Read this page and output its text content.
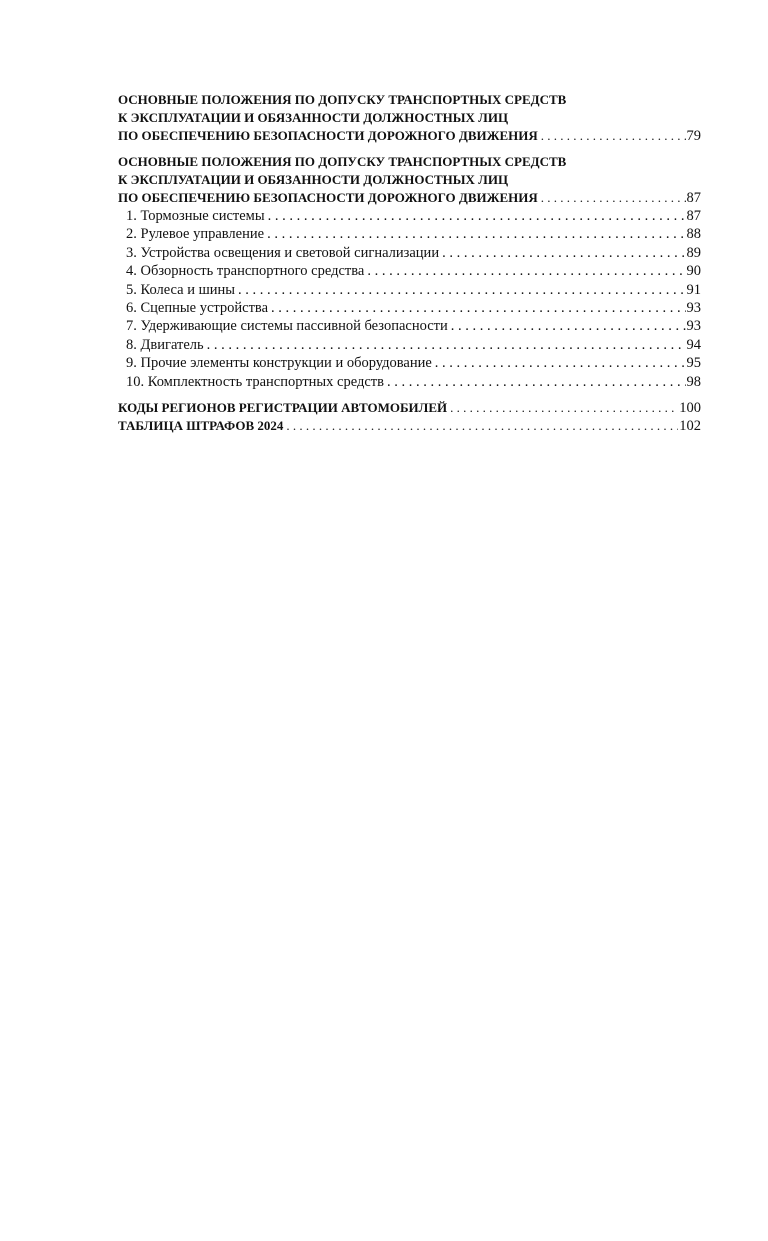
ОСНОВНЫЕ ПОЛОЖЕНИЯ ПО ДОПУСКУ ТРАНСПОРТНЫХ СРЕДСТВ
К ЭКСПЛУАТАЦИИ И ОБЯЗАННОСТИ ДОЛЖНОСТНЫХ ЛИЦ
ПО ОБЕСПЕЧЕНИЮ БЕЗОПАСНОСТИ ДОРОЖНОГО ДВИЖЕНИЯ . . .	79
ОСНОВНЫЕ ПОЛОЖЕНИЯ ПО ДОПУСКУ ТРАНСПОРТНЫХ СРЕДСТВ
К ЭКСПЛУАТАЦИИ И ОБЯЗАННОСТИ ДОЛЖНОСТНЫХ ЛИЦ
ПО ОБЕСПЕЧЕНИЮ БЕЗОПАСНОСТИ ДОРОЖНОГО ДВИЖЕНИЯ . . .	87
1. Тормозные системы . . .	87
2. Рулевое управление . . .	88
3. Устройства освещения и световой сигнализации . . .	89
4. Обзорность транспортного средства . . .	90
5. Колеса и шины . . .	91
6. Сцепные устройства . . .	93
7. Удерживающие системы пассивной безопасности . . .	93
8. Двигатель . . .	94
9. Прочие элементы конструкции и оборудование . . .	95
10. Комплектность транспортных средств . . .	98
КОДЫ РЕГИОНОВ РЕГИСТРАЦИИ АВТОМОБИЛЕЙ . . .	100
ТАБЛИЦА ШТРАФОВ 2024 . . .	102
